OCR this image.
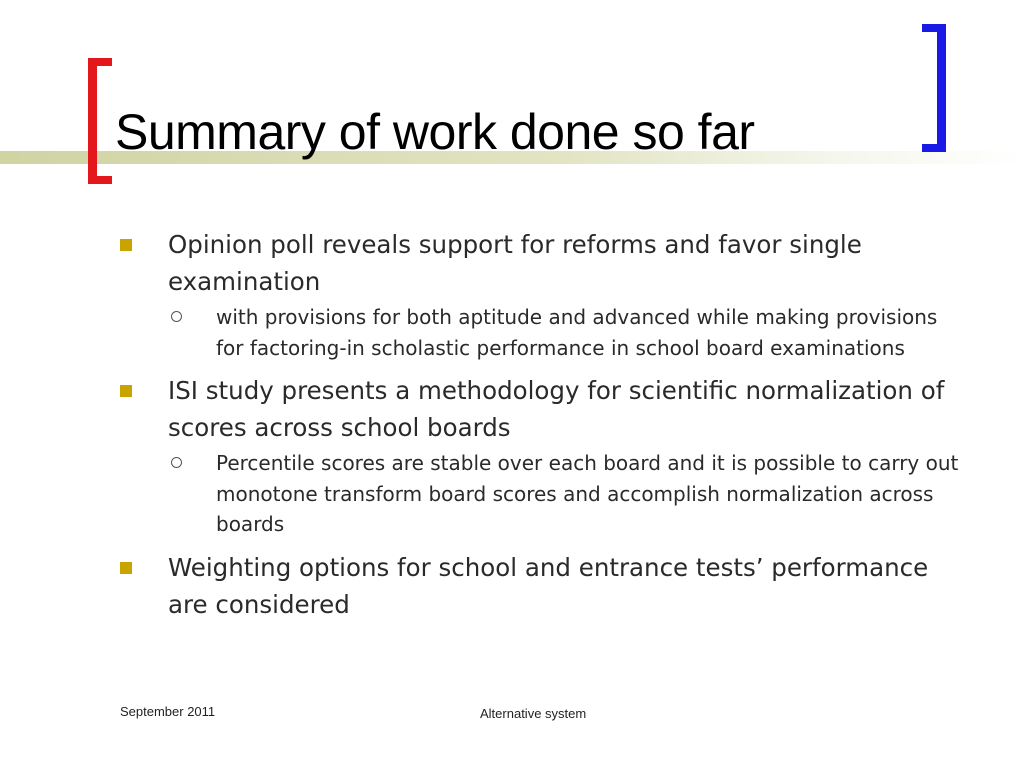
Summary of work done so far
Opinion poll reveals support for reforms and favor single examination
with provisions for both aptitude and advanced while making provisions for factoring-in scholastic performance in school board examinations
ISI study presents a methodology for scientific normalization of scores across school boards
Percentile scores are stable over each board and it is possible to carry out monotone transform board scores and accomplish normalization across boards
Weighting options for school and entrance tests’ performance are considered
September 2011	Alternative system
